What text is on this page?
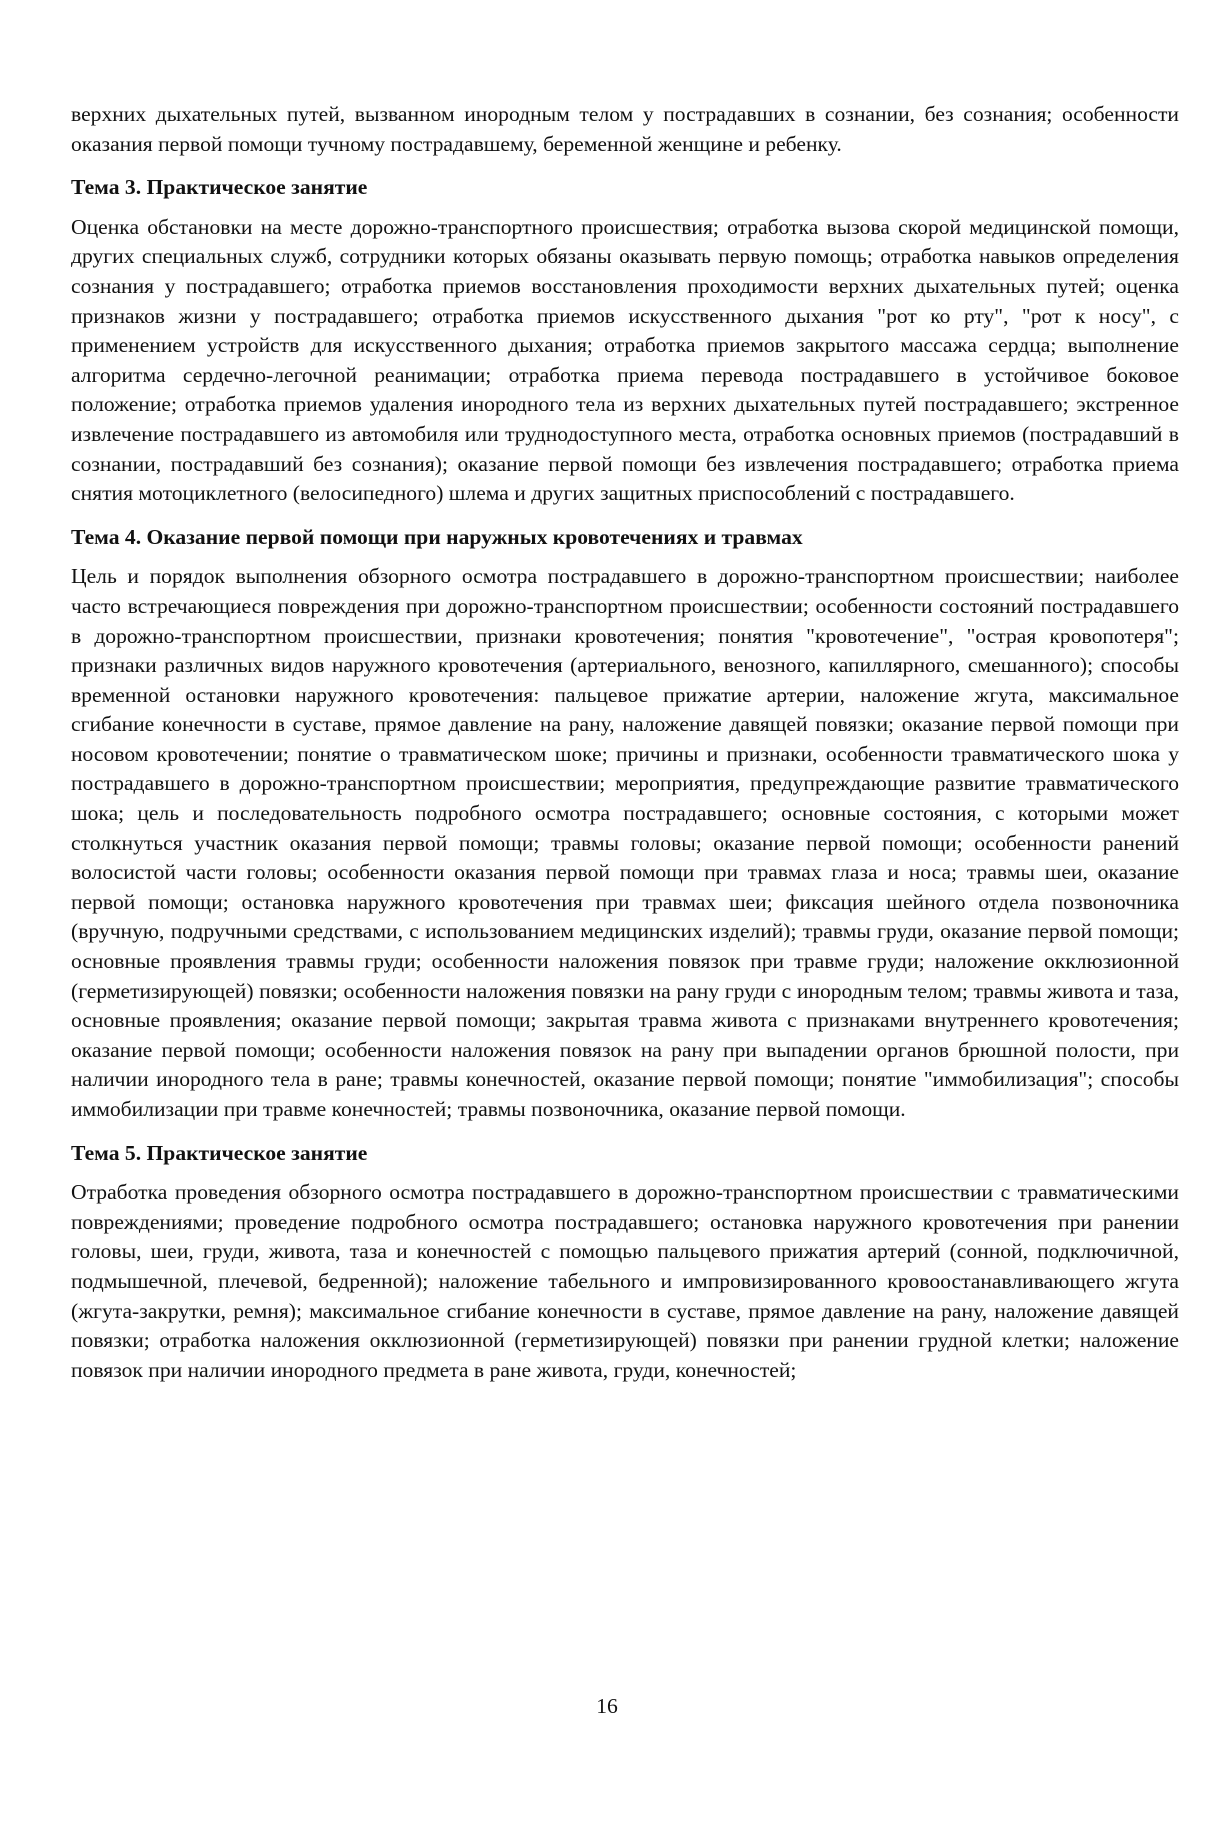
верхних дыхательных путей, вызванном инородным телом у пострадавших в сознании, без сознания; особенности оказания первой помощи тучному пострадавшему, беременной женщине и ребенку.

Тема 3. Практическое занятие

Оценка обстановки на месте дорожно-транспортного происшествия; отработка вызова скорой медицинской помощи, других специальных служб, сотрудники которых обязаны оказывать первую помощь; отработка навыков определения сознания у пострадавшего; отработка приемов восстановления проходимости верхних дыхательных путей; оценка признаков жизни у пострадавшего; отработка приемов искусственного дыхания "рот ко рту", "рот к носу", с применением устройств для искусственного дыхания; отработка приемов закрытого массажа сердца; выполнение алгоритма сердечно-легочной реанимации; отработка приема перевода пострадавшего в устойчивое боковое положение; отработка приемов удаления инородного тела из верхних дыхательных путей пострадавшего; экстренное извлечение пострадавшего из автомобиля или труднодоступного места, отработка основных приемов (пострадавший в сознании, пострадавший без сознания); оказание первой помощи без извлечения пострадавшего; отработка приема снятия мотоциклетного (велосипедного) шлема и других защитных приспособлений с пострадавшего.

Тема 4. Оказание первой помощи при наружных кровотечениях и травмах

Цель и порядок выполнения обзорного осмотра пострадавшего в дорожно-транспортном происшествии; наиболее часто встречающиеся повреждения при дорожно-транспортном происшествии; особенности состояний пострадавшего в дорожно-транспортном происшествии, признаки кровотечения; понятия "кровотечение", "острая кровопотеря"; признаки различных видов наружного кровотечения (артериального, венозного, капиллярного, смешанного); способы временной остановки наружного кровотечения: пальцевое прижатие артерии, наложение жгута, максимальное сгибание конечности в суставе, прямое давление на рану, наложение давящей повязки; оказание первой помощи при носовом кровотечении; понятие о травматическом шоке; причины и признаки, особенности травматического шока у пострадавшего в дорожно-транспортном происшествии; мероприятия, предупреждающие развитие травматического шока; цель и последовательность подробного осмотра пострадавшего; основные состояния, с которыми может столкнуться участник оказания первой помощи; травмы головы; оказание первой помощи; особенности ранений волосистой части головы; особенности оказания первой помощи при травмах глаза и носа; травмы шеи, оказание первой помощи; остановка наружного кровотечения при травмах шеи; фиксация шейного отдела позвоночника (вручную, подручными средствами, с использованием медицинских изделий); травмы груди, оказание первой помощи; основные проявления травмы груди; особенности наложения повязок при травме груди; наложение окклюзионной (герметизирующей) повязки; особенности наложения повязки на рану груди с инородным телом; травмы живота и таза, основные проявления; оказание первой помощи; закрытая травма живота с признаками внутреннего кровотечения; оказание первой помощи; особенности наложения повязок на рану при выпадении органов брюшной полости, при наличии инородного тела в ране; травмы конечностей, оказание первой помощи; понятие "иммобилизация"; способы иммобилизации при травме конечностей; травмы позвоночника, оказание первой помощи.

Тема 5. Практическое занятие

Отработка проведения обзорного осмотра пострадавшего в дорожно-транспортном происшествии с травматическими повреждениями; проведение подробного осмотра пострадавшего; остановка наружного кровотечения при ранении головы, шеи, груди, живота, таза и конечностей с помощью пальцевого прижатия артерий (сонной, подключичной, подмышечной, плечевой, бедренной); наложение табельного и импровизированного кровоостанавливающего жгута (жгута-закрутки, ремня); максимальное сгибание конечности в суставе, прямое давление на рану, наложение давящей повязки; отработка наложения окклюзионной (герметизирующей) повязки при ранении грудной клетки; наложение повязок при наличии инородного предмета в ране живота, груди, конечностей;

16
